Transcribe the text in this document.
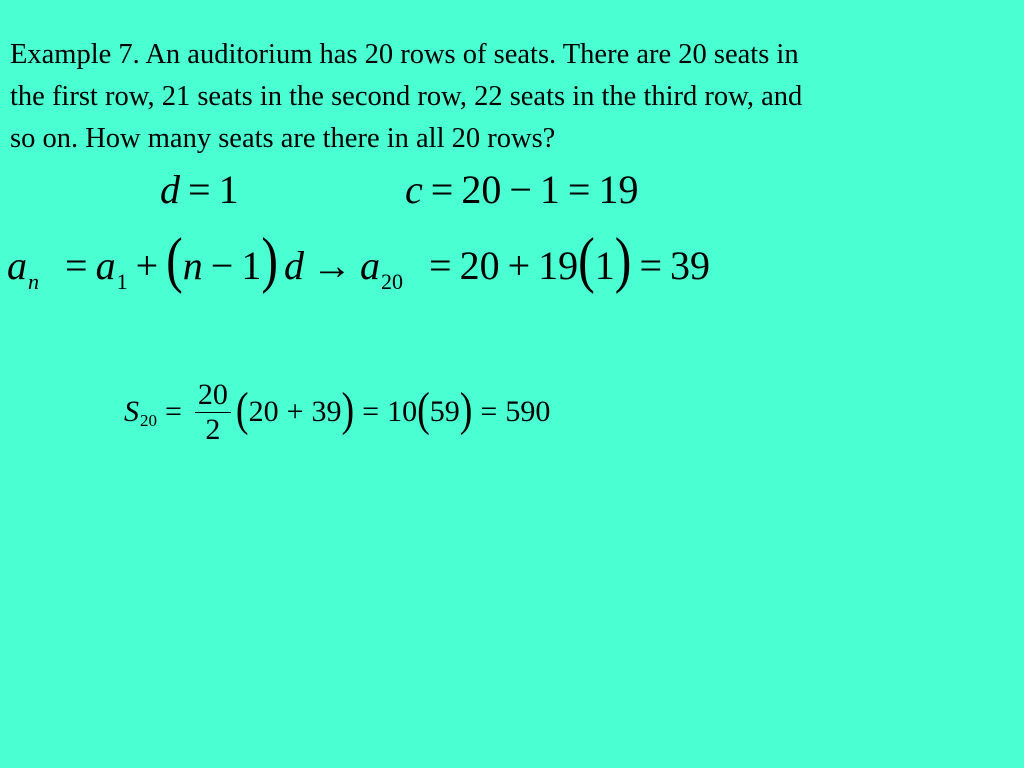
Example 7. An auditorium has 20 rows of seats. There are 20 seats in
the first row, 21 seats in the second row, 22 seats in the third row, and
so on. How many seats are there in all 20 rows?

d = 1	c = 20 − 1 = 19
$a_n = a_1 + (n - 1) d \to a_{20} = 20 + 19(1) = 39$
S $20 = \frac{20}{2}$ ( 20 + 39 ) = 10 ( 59 ) = 590
